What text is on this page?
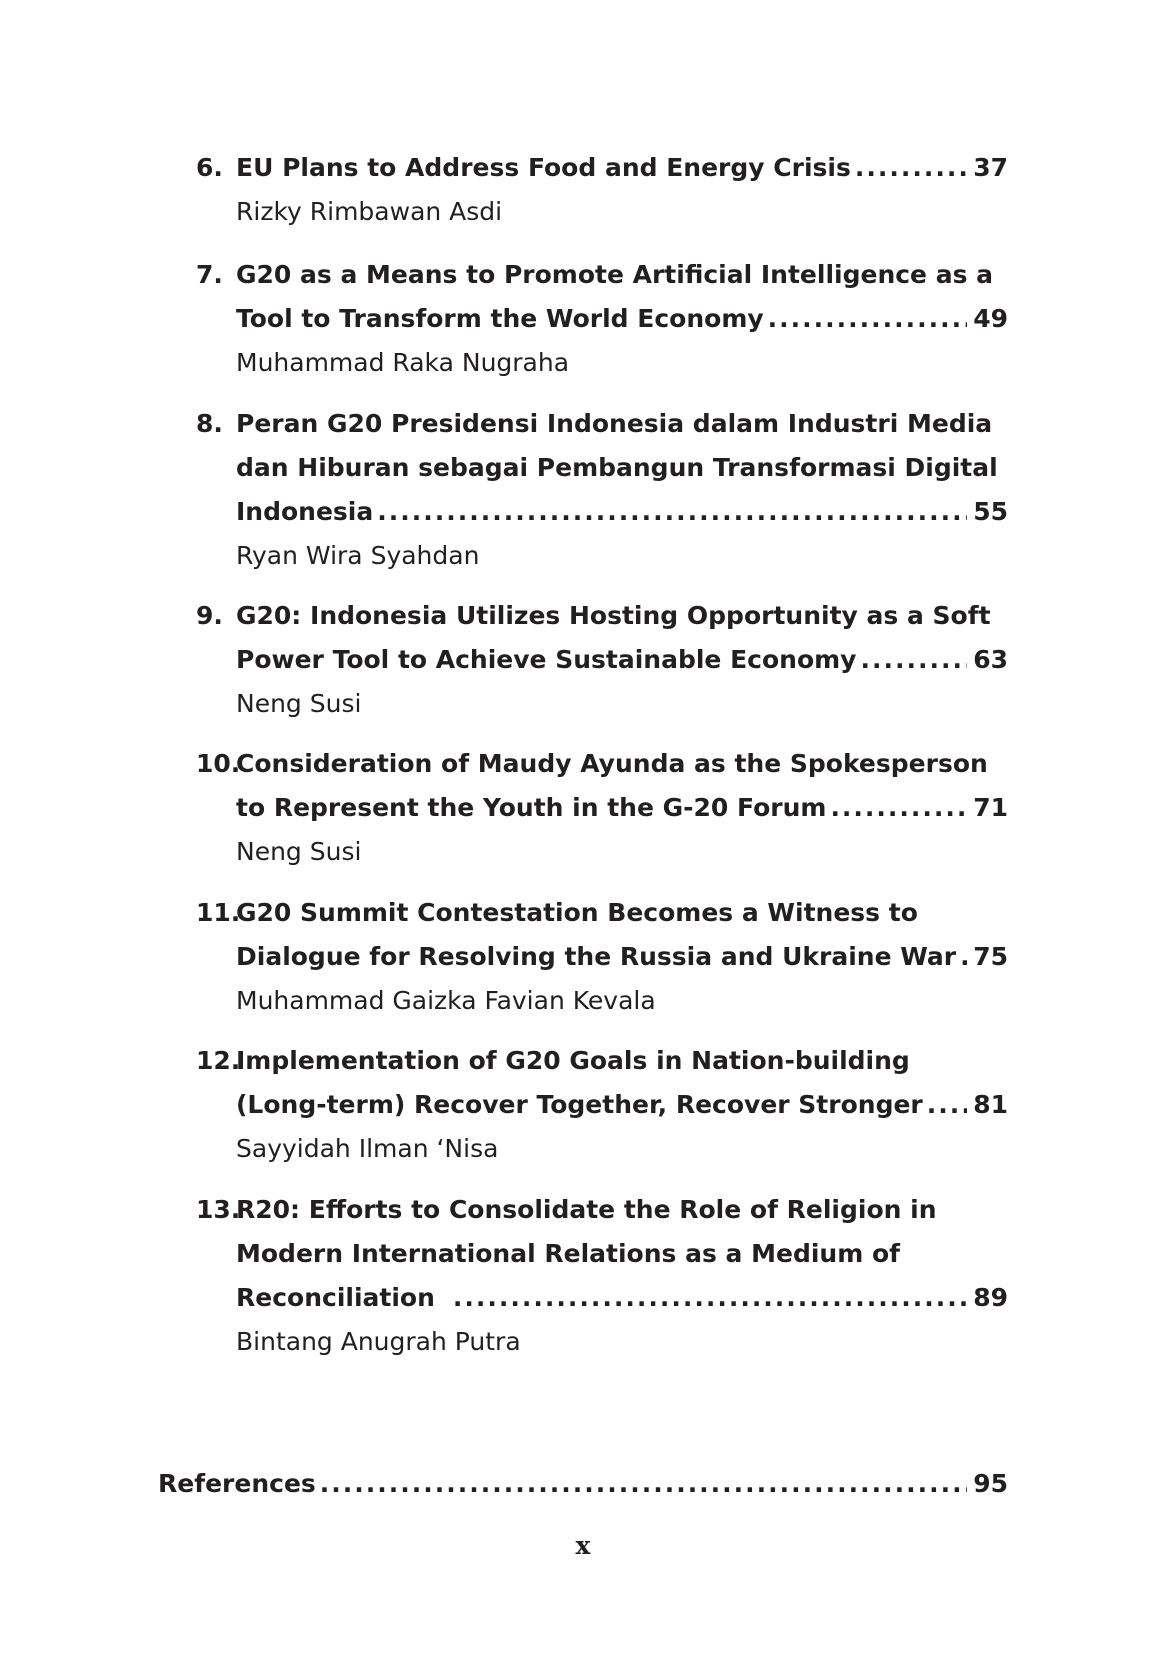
6. EU Plans to Address Food and Energy Crisis .....	37
Rizky Rimbawan Asdi
7. G20 as a Means to Promote Artificial Intelligence as a
Tool to Transform the World Economy .....	49
Muhammad Raka Nugraha
8. Peran G20 Presidensi Indonesia dalam Industri Media
dan Hiburan sebagai Pembangun Transformasi Digital
Indonesia .....	55
Ryan Wira Syahdan
9. G20: Indonesia Utilizes Hosting Opportunity as a Soft
Power Tool to Achieve Sustainable Economy .....	63
Neng Susi
10.
Consideration of Maudy Ayunda as the Spokesperson
to Represent the Youth in the G-20 Forum .....	71
Neng Susi
11.
G20 Summit Contestation Becomes a Witness to
Dialogue for Resolving the Russia and Ukraine War ..... 75
Muhammad Gaizka Favian Kevala
12.
Implementation of G20 Goals in Nation-building
(Long-term) Recover Together, Recover Stronger ..... 81
Sayyidah Ilman ‘Nisa
13.
R20: Efforts to Consolidate the Role of Religion in
Modern International Relations as a Medium of
Reconciliation .....	89
Bintang Anugrah Putra
References .....	95
x
